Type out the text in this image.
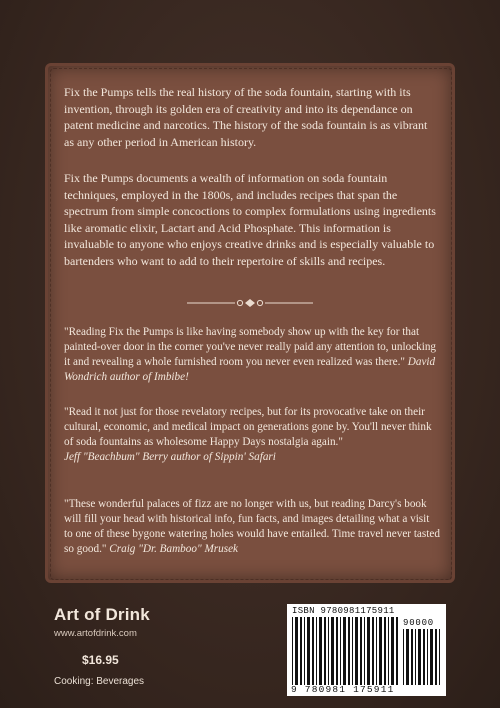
Fix the Pumps tells the real history of the soda fountain, starting with its invention, through its golden era of creativity and into its dependance on patent medicine and narcotics. The history of the soda fountain is as vibrant as any other period in American history.
Fix the Pumps documents a wealth of information on soda fountain techniques, employed in the 1800s, and includes recipes that span the spectrum from simple concoctions to complex formulations using ingredients like aromatic elixir, Lactart and Acid Phosphate. This information is invaluable to anyone who enjoys creative drinks and is especially valuable to bartenders who want to add to their repertoire of skills and recipes.
"Reading Fix the Pumps is like having somebody show up with the key for that painted-over door in the corner you've never really paid any attention to, unlocking it and revealing a whole furnished room you never even realized was there." David Wondrich author of Imbibe!
"Read it not just for those revelatory recipes, but for its provocative take on their cultural, economic, and medical impact on generations gone by. You'll never think of soda fountains as wholesome Happy Days nostalgia again."
Jeff "Beachbum" Berry author of Sippin' Safari
"These wonderful palaces of fizz are no longer with us, but reading Darcy's book will fill your head with historical info, fun facts, and images detailing what a visit to one of these bygone watering holes would have entailed. Time travel never tasted so good." Craig "Dr. Bamboo" Mrusek
Art of Drink
www.artofdrink.com
$16.95
Cooking: Beverages
ISBN 9780981175911
90000
9 780981 175911
